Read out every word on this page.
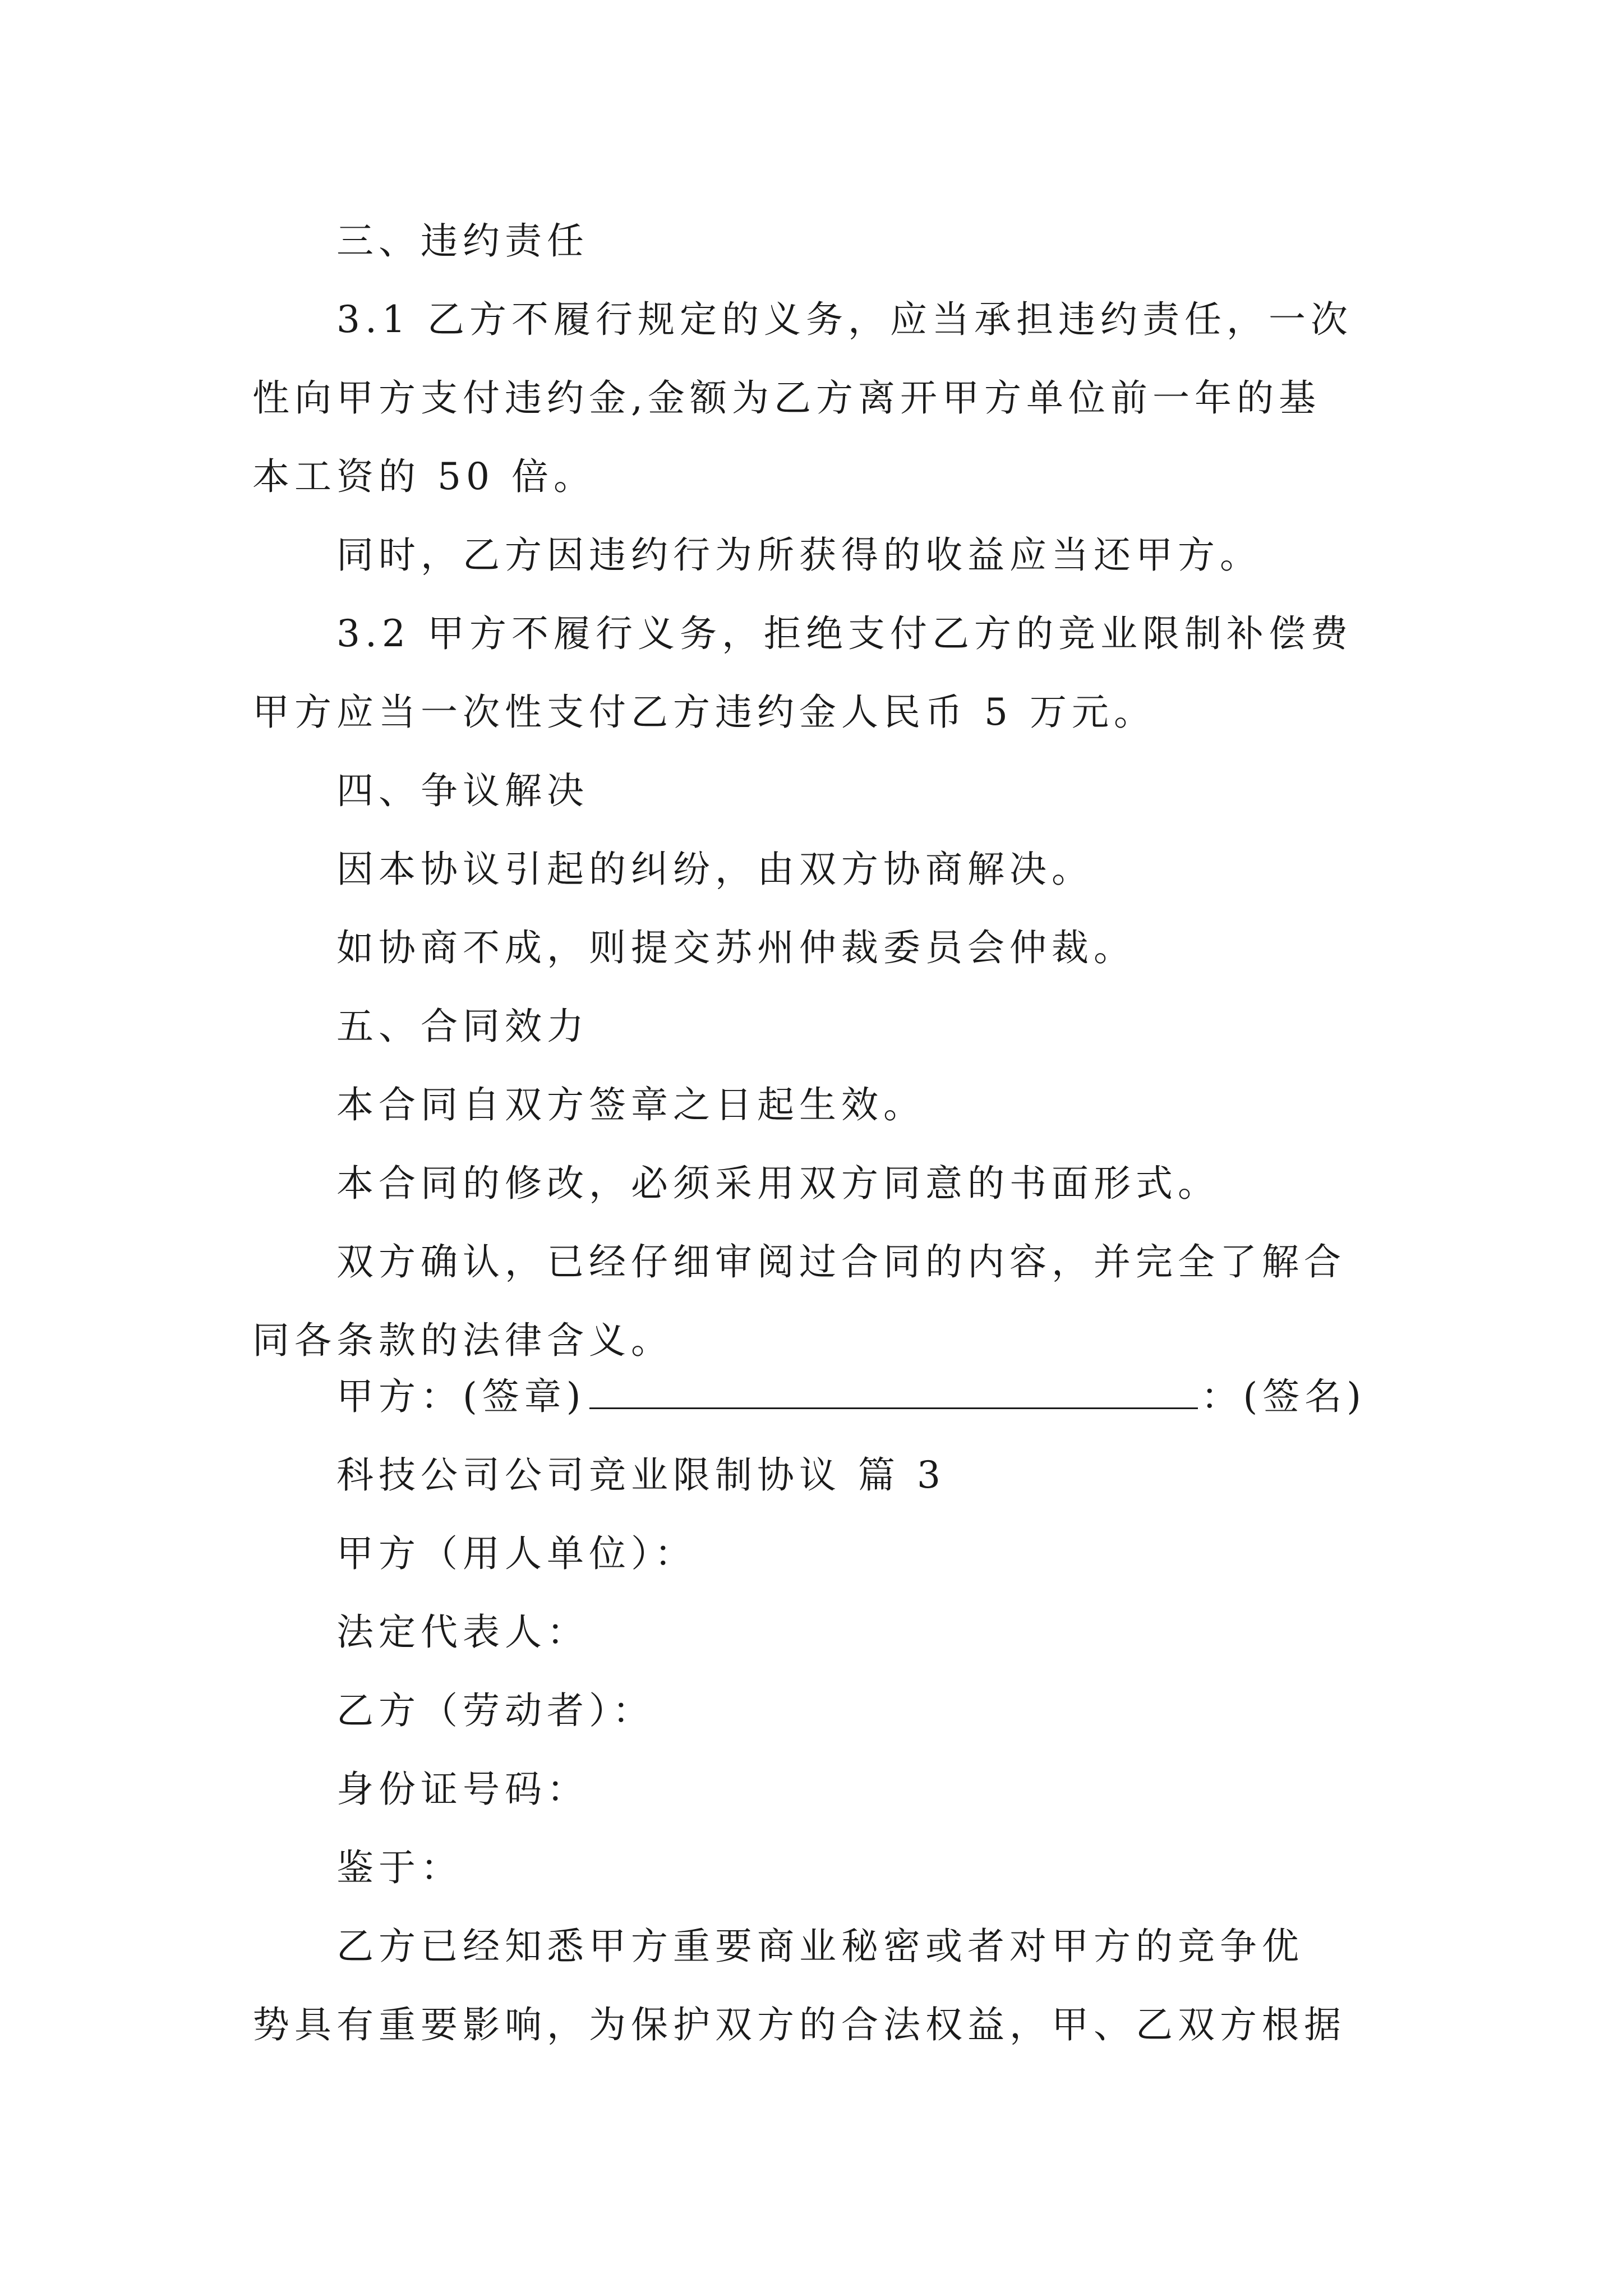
三、违约责任
3.1 乙方不履行规定的义务，应当承担违约责任，一次
性向甲方支付违约金,金额为乙方离开甲方单位前一年的基
本工资的 50 倍。
同时，乙方因违约行为所获得的收益应当还甲方。
3.2 甲方不履行义务，拒绝支付乙方的竞业限制补偿费
甲方应当一次性支付乙方违约金人民币 5 万元。
四、争议解决
因本协议引起的纠纷，由双方协商解决。
如协商不成，则提交苏州仲裁委员会仲裁。
五、合同效力
本合同自双方签章之日起生效。
本合同的修改，必须采用双方同意的书面形式。
双方确认，已经仔细审阅过合同的内容，并完全了解合
同各条款的法律含义。
甲方：(签章)	：(签名)
科技公司公司竞业限制协议 篇 3
甲方（用人单位）：
法定代表人：
乙方（劳动者）：
身份证号码：
鉴于：
乙方已经知悉甲方重要商业秘密或者对甲方的竞争优
势具有重要影响，为保护双方的合法权益，甲、乙双方根据
